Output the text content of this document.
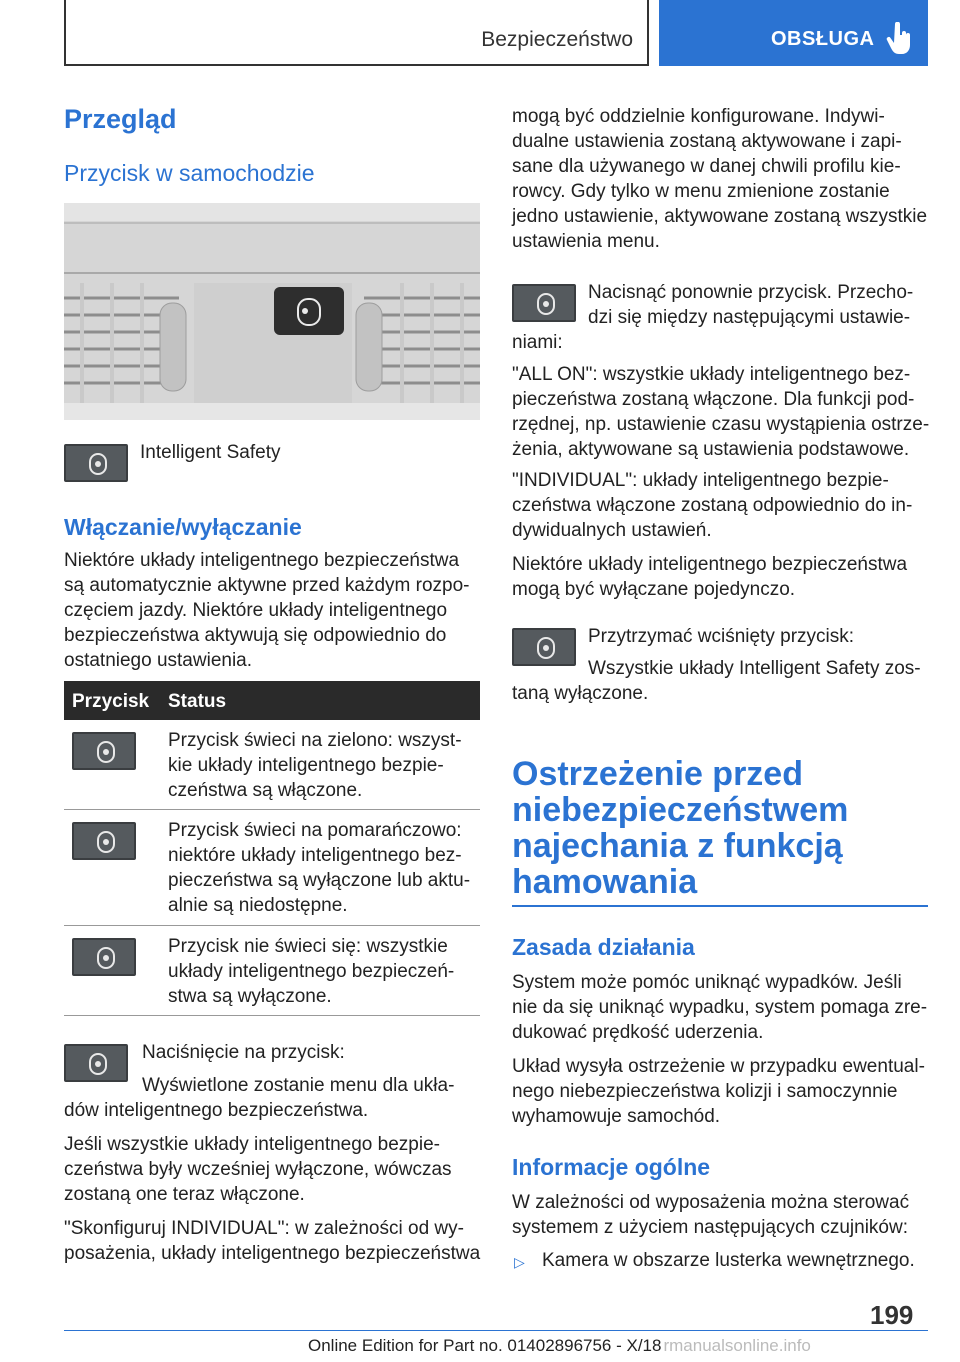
Bezpieczeństwo	OBSŁUGA
Przegląd
Przycisk w samochodzie
Intelligent Safety
Włączanie/wyłączanie
Niektóre układy inteligentnego bezpieczeństwa
są automatycznie aktywne przed każdym rozpo-
częciem jazdy. Niektóre układy inteligentnego
bezpieczeństwa aktywują się odpowiednio do
ostatniego ustawienia.
Przycisk Status
Przycisk świeci na zielono: wszyst-
kie układy inteligentnego bezpie-
czeństwa są włączone.
Przycisk świeci na pomarańczowo:
niektóre układy inteligentnego bez-
pieczeństwa są wyłączone lub aktu-
alnie są niedostępne.
Przycisk nie świeci się: wszystkie
układy inteligentnego bezpieczeń-
stwa są wyłączone.
Naciśnięcie na przycisk:
Wyświetlone zostanie menu dla ukła-
dów inteligentnego bezpieczeństwa.
Jeśli wszystkie układy inteligentnego bezpie-
czeństwa były wcześniej wyłączone, wówczas
zostaną one teraz włączone.
"Skonfiguruj INDIVIDUAL": w zależności od wy-
posażenia, układy inteligentnego bezpieczeństwa
mogą być oddzielnie konfigurowane. Indywi-
dualne ustawienia zostaną aktywowane i zapi-
sane dla używanego w danej chwili profilu kie-
rowcy. Gdy tylko w menu zmienione zostanie
jedno ustawienie, aktywowane zostaną wszystkie
ustawienia menu.
Nacisnąć ponownie przycisk. Przecho-
dzi się między następującymi ustawie-
niami:
"ALL ON": wszystkie układy inteligentnego bez-
pieczeństwa zostaną włączone. Dla funkcji pod-
rzędnej, np. ustawienie czasu wystąpienia ostrze-
żenia, aktywowane są ustawienia podstawowe.
"INDIVIDUAL": układy inteligentnego bezpie-
czeństwa włączone zostaną odpowiednio do in-
dywidualnych ustawień.
Niektóre układy inteligentnego bezpieczeństwa
mogą być wyłączane pojedynczo.
Przytrzymać wciśnięty przycisk:
Wszystkie układy Intelligent Safety zos-
taną wyłączone.
Ostrzeżenie przed
niebezpieczeństwem
najechania z funkcją
hamowania
Zasada działania
System może pomóc uniknąć wypadków. Jeśli
nie da się uniknąć wypadku, system pomaga zre-
dukować prędkość uderzenia.
Układ wysyła ostrzeżenie w przypadku ewentual-
nego niebezpieczeństwa kolizji i samoczynnie
wyhamowuje samochód.
Informacje ogólne
W zależności od wyposażenia można sterować
systemem z użyciem następujących czujników:
▷ Kamera w obszarze lusterka wewnętrznego.
199
Online Edition for Part no. 01402896756 - X/18 rmanualsonline.info
